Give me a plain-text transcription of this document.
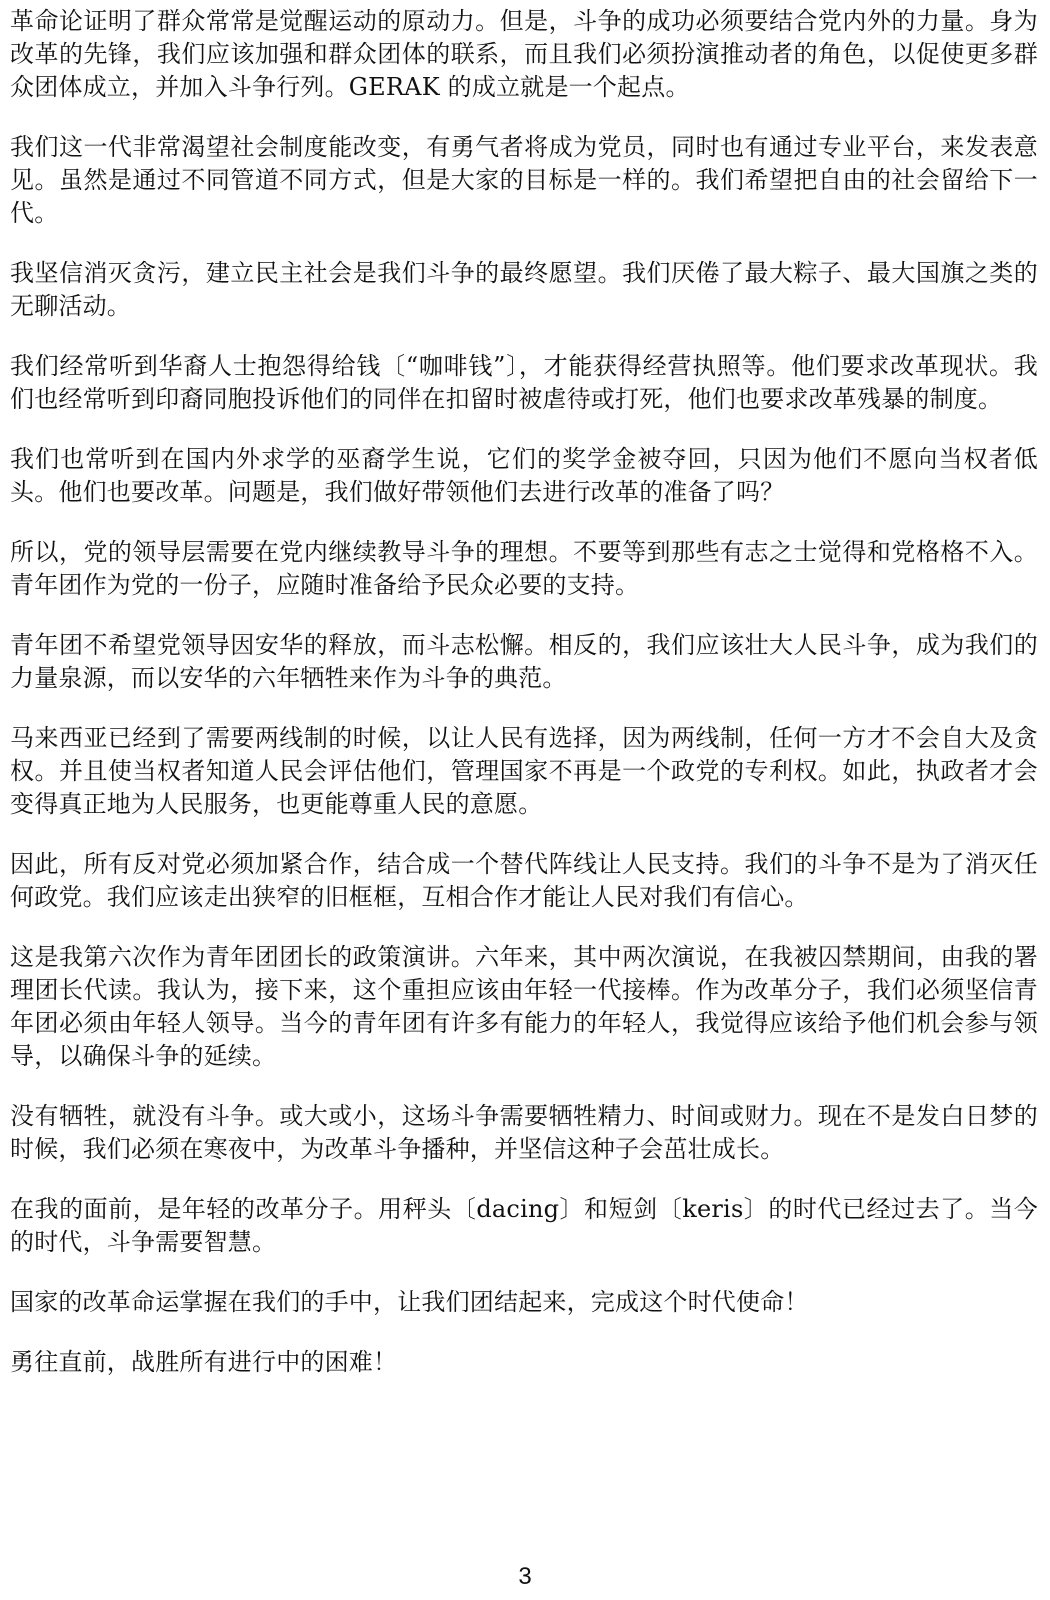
革命论证明了群众常常是觉醒运动的原动力。但是，斗争的成功必须要结合党内外的力量。身为改革的先锋，我们应该加强和群众团体的联系，而且我们必须扮演推动者的角色，以促使更多群众团体成立，并加入斗争行列。GERAK 的成立就是一个起点。

我们这一代非常渴望社会制度能改变，有勇气者将成为党员，同时也有通过专业平台，来发表意见。虽然是通过不同管道不同方式，但是大家的目标是一样的。我们希望把自由的社会留给下一代。

我坚信消灭贪污，建立民主社会是我们斗争的最终愿望。我们厌倦了最大粽子、最大国旗之类的无聊活动。

我们经常听到华裔人士抱怨得给钱〔“咖啡钱”〕，才能获得经营执照等。他们要求改革现状。我们也经常听到印裔同胞投诉他们的同伴在扣留时被虐待或打死，他们也要求改革残暴的制度。

我们也常听到在国内外求学的巫裔学生说，它们的奖学金被夺回，只因为他们不愿向当权者低头。他们也要改革。问题是，我们做好带领他们去进行改革的准备了吗？

所以，党的领导层需要在党内继续教导斗争的理想。不要等到那些有志之士觉得和党格格不入。青年团作为党的一份子，应随时准备给予民众必要的支持。

青年团不希望党领导因安华的释放，而斗志松懈。相反的，我们应该壮大人民斗争，成为我们的力量泉源，而以安华的六年牺牲来作为斗争的典范。

马来西亚已经到了需要两线制的时候，以让人民有选择，因为两线制，任何一方才不会自大及贪权。并且使当权者知道人民会评估他们，管理国家不再是一个政党的专利权。如此，执政者才会变得真正地为人民服务，也更能尊重人民的意愿。

因此，所有反对党必须加紧合作，结合成一个替代阵线让人民支持。我们的斗争不是为了消灭任何政党。我们应该走出狭窄的旧框框，互相合作才能让人民对我们有信心。

这是我第六次作为青年团团长的政策演讲。六年来，其中两次演说，在我被囚禁期间，由我的署理团长代读。我认为，接下来，这个重担应该由年轻一代接棒。作为改革分子，我们必须坚信青年团必须由年轻人领导。当今的青年团有许多有能力的年轻人，我觉得应该给予他们机会参与领导，以确保斗争的延续。

没有牺牲，就没有斗争。或大或小，这场斗争需要牺牲精力、时间或财力。现在不是发白日梦的时候，我们必须在寒夜中，为改革斗争播种，并坚信这种子会茁壮成长。

在我的面前，是年轻的改革分子。用秤头〔dacing〕和短剑〔keris〕的时代已经过去了。当今的时代，斗争需要智慧。

国家的改革命运掌握在我们的手中，让我们团结起来，完成这个时代使命！

勇往直前，战胜所有进行中的困难！

3
